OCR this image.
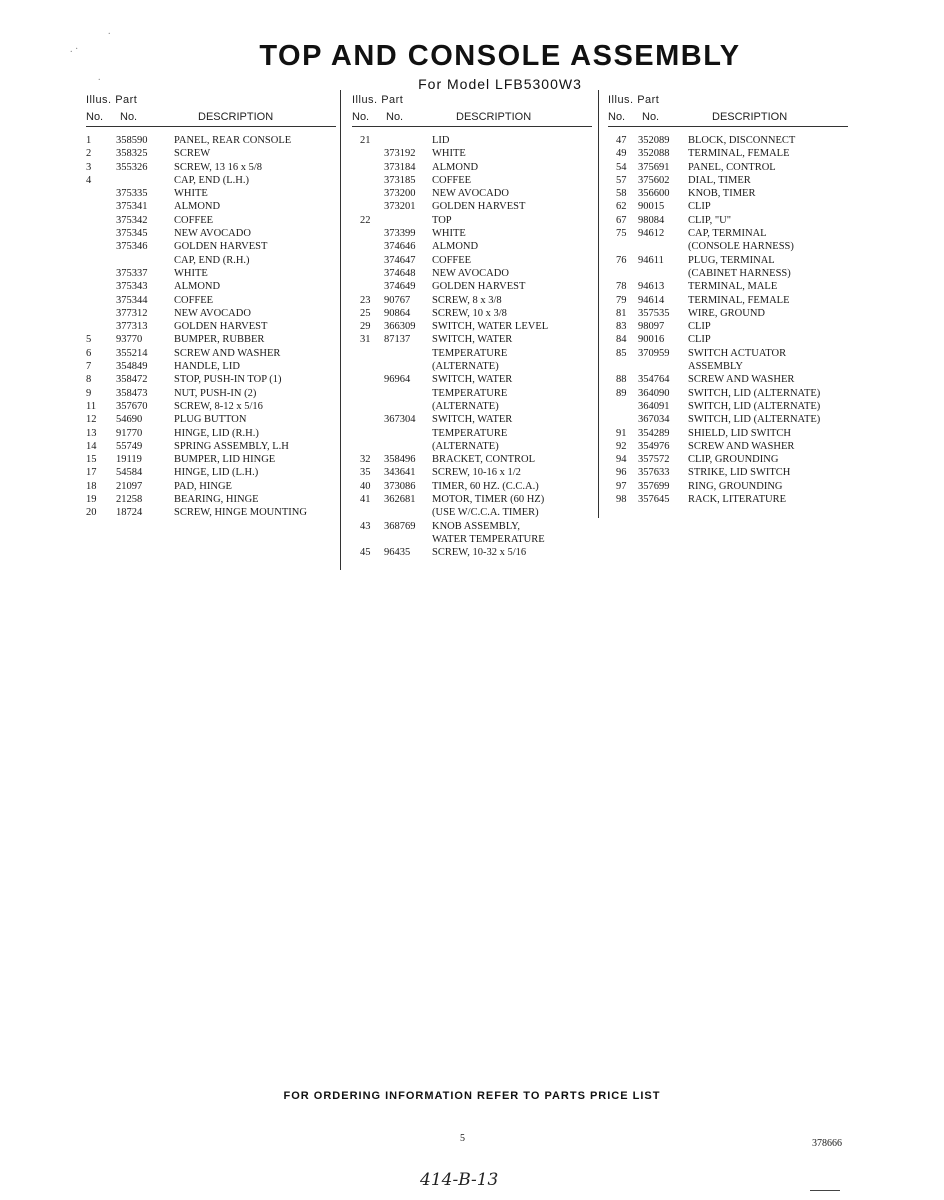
.
. ·
.
TOP AND CONSOLE ASSEMBLY
For Model LFB5300W3
Illus. Part
No. No.	DESCRIPTION
1 358590	PANEL, REAR CONSOLE
2 358325	SCREW
3 355326	SCREW, 13 16 x 5/8
4	CAP, END (L.H.)
375335	WHITE
375341	ALMOND
375342	COFFEE
375345	NEW AVOCADO
375346	GOLDEN HARVEST
CAP, END (R.H.)
375337	WHITE
375343	ALMOND
375344	COFFEE
377312	NEW AVOCADO
377313	GOLDEN HARVEST
5 93770	BUMPER, RUBBER
6 355214	SCREW AND WASHER
7 354849	HANDLE, LID
8 358472	STOP, PUSH-IN TOP (1)
9 358473	NUT, PUSH-IN (2)
11 357670	SCREW, 8-12 x 5/16
12 54690	PLUG BUTTON
13 91770	HINGE, LID (R.H.)
14 55749	SPRING ASSEMBLY, L.H
15 19119	BUMPER, LID HINGE
17 54584	HINGE, LID (L.H.)
18 21097	PAD, HINGE
19 21258	BEARING, HINGE
20 18724	SCREW, HINGE MOUNTING
Illus. Part
No. No.	DESCRIPTION
21	LID
373192 WHITE
373184 ALMOND
373185 COFFEE
373200 NEW AVOCADO
373201 GOLDEN HARVEST
22	TOP
373399 WHITE
374646 ALMOND
374647 COFFEE
374648 NEW AVOCADO
374649 GOLDEN HARVEST
23 90767 SCREW, 8 x 3/8
25 90864 SCREW, 10 x 3/8
29 366309 SWITCH, WATER LEVEL
31 87137 SWITCH, WATER
TEMPERATURE
(ALTERNATE)
96964 SWITCH, WATER
TEMPERATURE
(ALTERNATE)
367304 SWITCH, WATER
TEMPERATURE
(ALTERNATE)
32 358496 BRACKET, CONTROL
35 343641 SCREW, 10-16 x 1/2
40 373086 TIMER, 60 HZ. (C.C.A.)
41 362681 MOTOR, TIMER (60 HZ)
(USE W/C.C.A. TIMER)
43 368769 KNOB ASSEMBLY,
WATER TEMPERATURE
45 96435 SCREW, 10-32 x 5/16
Illus. Part
No. No.	DESCRIPTION
47 352089 BLOCK, DISCONNECT
49 352088 TERMINAL, FEMALE
54 375691 PANEL, CONTROL
57 375602 DIAL, TIMER
58 356600 KNOB, TIMER
62 90015 CLIP
67 98084 CLIP, "U"
75 94612 CAP, TERMINAL
(CONSOLE HARNESS)
76 94611 PLUG, TERMINAL
(CABINET HARNESS)
78 94613 TERMINAL, MALE
79 94614 TERMINAL, FEMALE
81 357535 WIRE, GROUND
83 98097 CLIP
84 90016 CLIP
85 370959 SWITCH ACTUATOR
ASSEMBLY
88 354764 SCREW AND WASHER
89 364090 SWITCH, LID (ALTERNATE)
364091 SWITCH, LID (ALTERNATE)
367034 SWITCH, LID (ALTERNATE)
91 354289 SHIELD, LID SWITCH
92 354976 SCREW AND WASHER
94 357572 CLIP, GROUNDING
96 357633 STRIKE, LID SWITCH
97 357699 RING, GROUNDING
98 357645 RACK, LITERATURE
FOR ORDERING INFORMATION REFER TO PARTS PRICE LIST
5	378666
414-B-13
